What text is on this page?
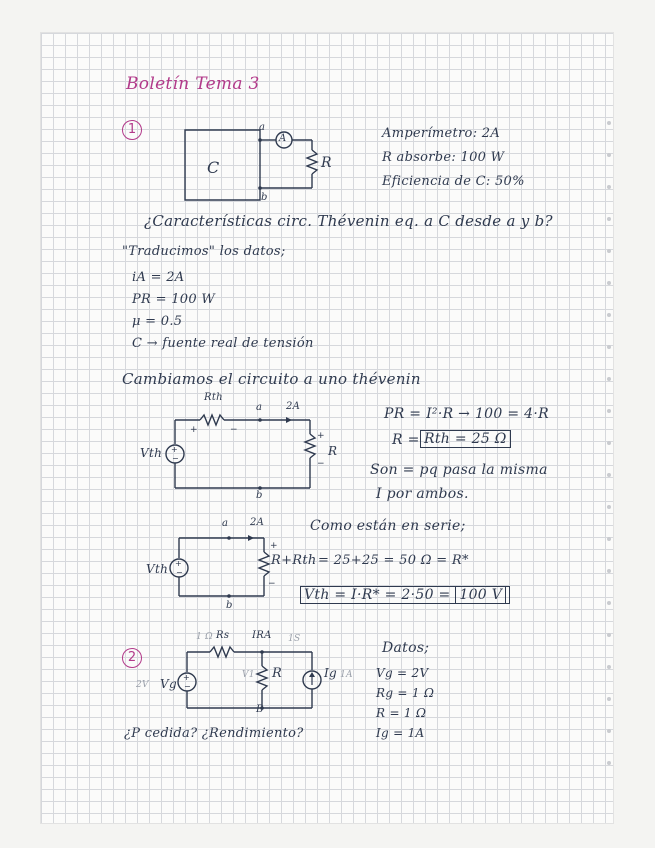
Boletín Tema 3
1
C
a
A
R
b
Amperímetro: 2A
R absorbe: 100 W
Eficiencia de C: 50%
¿Características circ. Thévenin eq. a C desde a y b?
"Traducimos" los datos;
iA = 2A
PR = 100 W
μ = 0.5
C → fuente real de tensión
Cambiamos el circuito a uno thévenin
+
−
+	−
+
−
Rth
a 2A
Vth	R
b
PR = I²·R → 100 = 4·R
R = Rth = 25 Ω
Son = pq pasa la misma
I por ambos.
+
−
+
−
a 2A
Vth
R+Rth = 25+25 = 50 Ω = R*
b
Como están en serie;
Vth = I·R* = 2·50 = 100 V
2
+
−
1 Ω Rs IRA 1S
2V Vg
V1 R	Ig 1A
B
Datos;
Vg = 2V
Rg = 1 Ω
R = 1 Ω
Ig = 1A
¿P cedida? ¿Rendimiento?
